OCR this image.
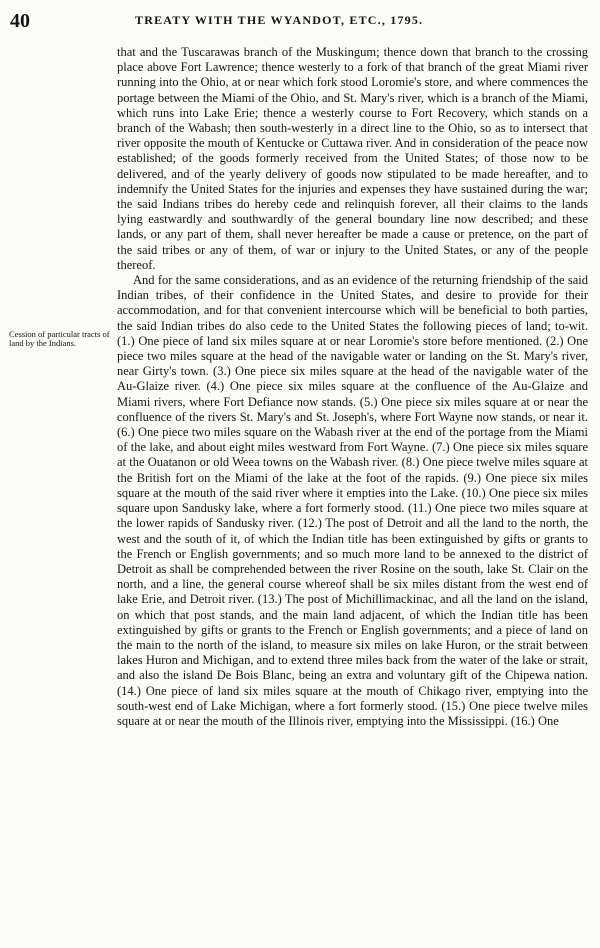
40	TREATY WITH THE WYANDOT, ETC., 1795.
Cession of particular tracts of land by the Indians.

that and the Tuscarawas branch of the Muskingum; thence down that branch to the crossing place above Fort Lawrence; thence westerly to a fork of that branch of the great Miami river running into the Ohio, at or near which fork stood Loromie's store, and where commences the portage between the Miami of the Ohio, and St. Mary's river, which is a branch of the Miami, which runs into Lake Erie; thence a westerly course to Fort Recovery, which stands on a branch of the Wabash; then south-westerly in a direct line to the Ohio, so as to intersect that river opposite the mouth of Kentucke or Cuttawa river. And in consideration of the peace now established; of the goods formerly received from the United States; of those now to be delivered, and of the yearly delivery of goods now stipulated to be made hereafter, and to indemnify the United States for the injuries and expenses they have sustained during the war; the said Indians tribes do hereby cede and relinquish forever, all their claims to the lands lying eastwardly and southwardly of the general boundary line now described; and these lands, or any part of them, shall never hereafter be made a cause or pretence, on the part of the said tribes or any of them, of war or injury to the United States, or any of the people thereof.

And for the same considerations, and as an evidence of the returning friendship of the said Indian tribes, of their confidence in the United States, and desire to provide for their accommodation, and for that convenient intercourse which will be beneficial to both parties, the said Indian tribes do also cede to the United States the following pieces of land; to-wit. (1.) One piece of land six miles square at or near Loromie's store before mentioned. (2.) One piece two miles square at the head of the navigable water or landing on the St. Mary's river, near Girty's town. (3.) One piece six miles square at the head of the navigable water of the Au-Glaize river. (4.) One piece six miles square at the confluence of the Au-Glaize and Miami rivers, where Fort Defiance now stands. (5.) One piece six miles square at or near the confluence of the rivers St. Mary's and St. Joseph's, where Fort Wayne now stands, or near it. (6.) One piece two miles square on the Wabash river at the end of the portage from the Miami of the lake, and about eight miles westward from Fort Wayne. (7.) One piece six miles square at the Ouatanon or old Weea towns on the Wabash river. (8.) One piece twelve miles square at the British fort on the Miami of the lake at the foot of the rapids. (9.) One piece six miles square at the mouth of the said river where it empties into the Lake. (10.) One piece six miles square upon Sandusky lake, where a fort formerly stood. (11.) One piece two miles square at the lower rapids of Sandusky river. (12.) The post of Detroit and all the land to the north, the west and the south of it, of which the Indian title has been extinguished by gifts or grants to the French or English governments; and so much more land to be annexed to the district of Detroit as shall be comprehended between the river Rosine on the south, lake St. Clair on the north, and a line, the general course whereof shall be six miles distant from the west end of lake Erie, and Detroit river. (13.) The post of Michillimackinac, and all the land on the island, on which that post stands, and the main land adjacent, of which the Indian title has been extinguished by gifts or grants to the French or English governments; and a piece of land on the main to the north of the island, to measure six miles on lake Huron, or the strait between lakes Huron and Michigan, and to extend three miles back from the water of the lake or strait, and also the island De Bois Blanc, being an extra and voluntary gift of the Chipewa nation. (14.) One piece of land six miles square at the mouth of Chikago river, emptying into the south-west end of Lake Michigan, where a fort formerly stood. (15.) One piece twelve miles square at or near the mouth of the Illinois river, emptying into the Mississippi. (16.) One
